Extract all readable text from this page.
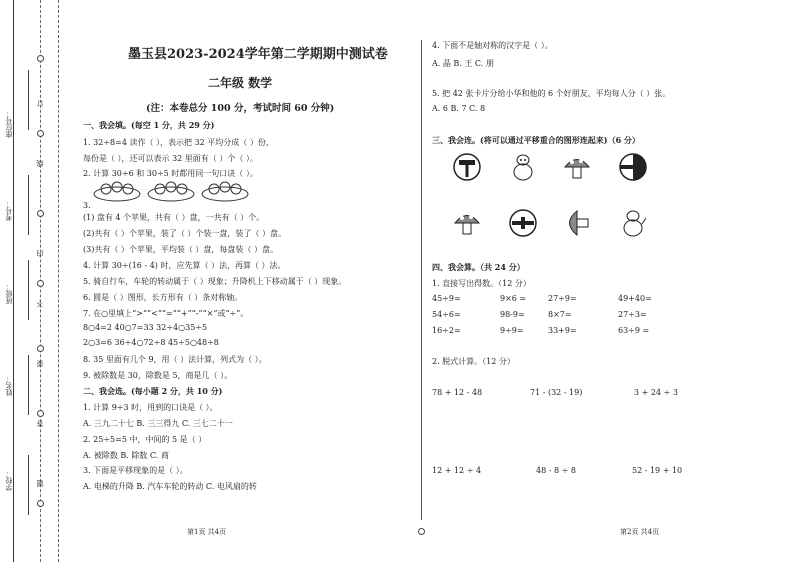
学校：
姓名：
班级：
考号：
座位号：
订
线
内
不
要
答
题
墨玉县2023-2024学年第二学期期中测试卷
二年级 数学
(注：本卷总分 100 分，考试时间 60 分钟)
一、我会填。(每空 1 分，共 29 分)
1. 32÷8=4 读作（ ），表示把 32 平均分成（ ）份，
每份是（ ），还可以表示 32 里面有（ ）个（ ）。
2. 计算 30÷6 和 30÷5 时都用同一句口诀（ ）。
3.
(1) 盘有 4 个苹果，共有（ ）盘，一共有（ ）个。
(2)共有（ ）个苹果，装了（ ）个装一盘，装了（ ）盘。
(3)共有（ ）个苹果，平均装（ ）盘，每盘装（ ）盘。
4. 计算 30÷(16 - 4) 时，应先算（ ）法，再算（ ）法。
5. 骑自行车，车轮的转动属于（ ）现象；升降机上下移动属于（ ）现象。
6. 圆是（ ）图形，长方形有（ ）条对称轴。
7. 在○里填上“>”“<”“=”“+”“-”“×”或“÷”。
8○4=2 40○7=33 32÷4○35÷5
2○3=6 36÷4○72÷8 45÷5○48÷8
8. 35 里面有几个 9，用（ ）法计算，列式为（ ）。
9. 被除数是 30，除数是 5，商是几（ ）。
二、我会选。(每小题 2 分，共 10 分)
1. 计算 9÷3 时，用到的口诀是（ ）。
A. 三九二十七 B. 三三得九 C. 三七二十一
2. 25÷5=5 中，中间的 5 是（ ）
A. 被除数 B. 除数 C. 商
3. 下面是平移现象的是（ ）。
A. 电梯的升降 B. 汽车车轮的转动 C. 电风扇的转
4. 下面不是轴对称的汉字是（ ）。
A. 晶 B. 王 C. 朋
5. 把 42 张卡片分给小华和他的 6 个好朋友，平均每人分（ ）张。
A. 6 B. 7 C. 8
三、我会连。(将可以通过平移重合的图形连起来)（6 分）
四、我会算。（共 24 分）
1. 直接写出得数。（12 分）
45÷9=	9×6 =	27÷9=	49+40=
54÷6=	98-9=	8×7=	27÷3=
16÷2=	9÷9=	33+9=	63÷9 =
2. 脱式计算。（12 分）
78 + 12 - 48	71 - (32 - 19)	3 + 24 ÷ 3
12 + 12 ÷ 4	48 - 8 ÷ 8	52 - 19 + 10
第1页 共4页	第2页 共4页
